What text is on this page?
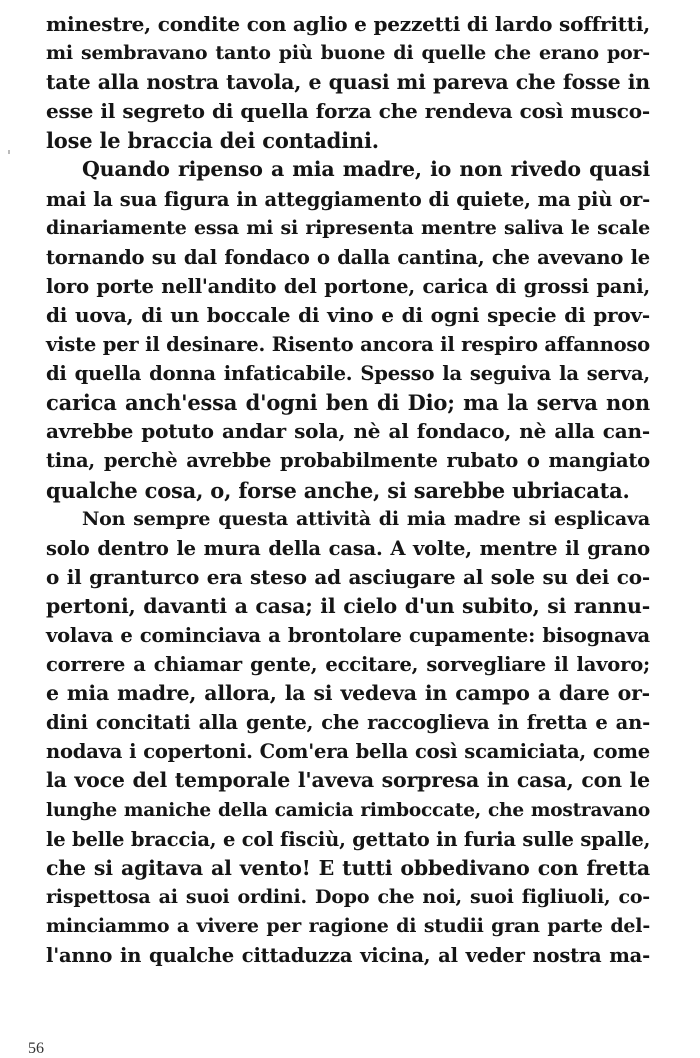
minestre, condite con aglio e pezzetti di lardo soffritti,
mi sembravano tanto più buone di quelle che erano por-
tate alla nostra tavola, e quasi mi pareva che fosse in
esse il segreto di quella forza che rendeva così musco-
lose le braccia dei contadini.
Quando ripenso a mia madre, io non rivedo quasi
mai la sua figura in atteggiamento di quiete, ma più or-
dinariamente essa mi si ripresenta mentre saliva le scale
tornando su dal fondaco o dalla cantina, che avevano le
loro porte nell'andito del portone, carica di grossi pani,
di uova, di un boccale di vino e di ogni specie di prov-
viste per il desinare. Risento ancora il respiro affannoso
di quella donna infaticabile. Spesso la seguiva la serva,
carica anch'essa d'ogni ben di Dio; ma la serva non
avrebbe potuto andar sola, nè al fondaco, nè alla can-
tina, perchè avrebbe probabilmente rubato o mangiato
qualche cosa, o, forse anche, si sarebbe ubriacata.
Non sempre questa attività di mia madre si esplicava
solo dentro le mura della casa. A volte, mentre il grano
o il granturco era steso ad asciugare al sole su dei co-
pertoni, davanti a casa; il cielo d'un subito, si rannu-
volava e cominciava a brontolare cupamente: bisognava
correre a chiamar gente, eccitare, sorvegliare il lavoro;
e mia madre, allora, la si vedeva in campo a dare or-
dini concitati alla gente, che raccoglieva in fretta e an-
nodava i copertoni. Com'era bella così scamiciata, come
la voce del temporale l'aveva sorpresa in casa, con le
lunghe maniche della camicia rimboccate, che mostravano
le belle braccia, e col fisciù, gettato in furia sulle spalle,
che si agitava al vento! E tutti obbedivano con fretta
rispettosa ai suoi ordini. Dopo che noi, suoi figliuoli, co-
minciammo a vivere per ragione di studii gran parte del-
l'anno in qualche cittaduzza vicina, al veder nostra ma-
56
